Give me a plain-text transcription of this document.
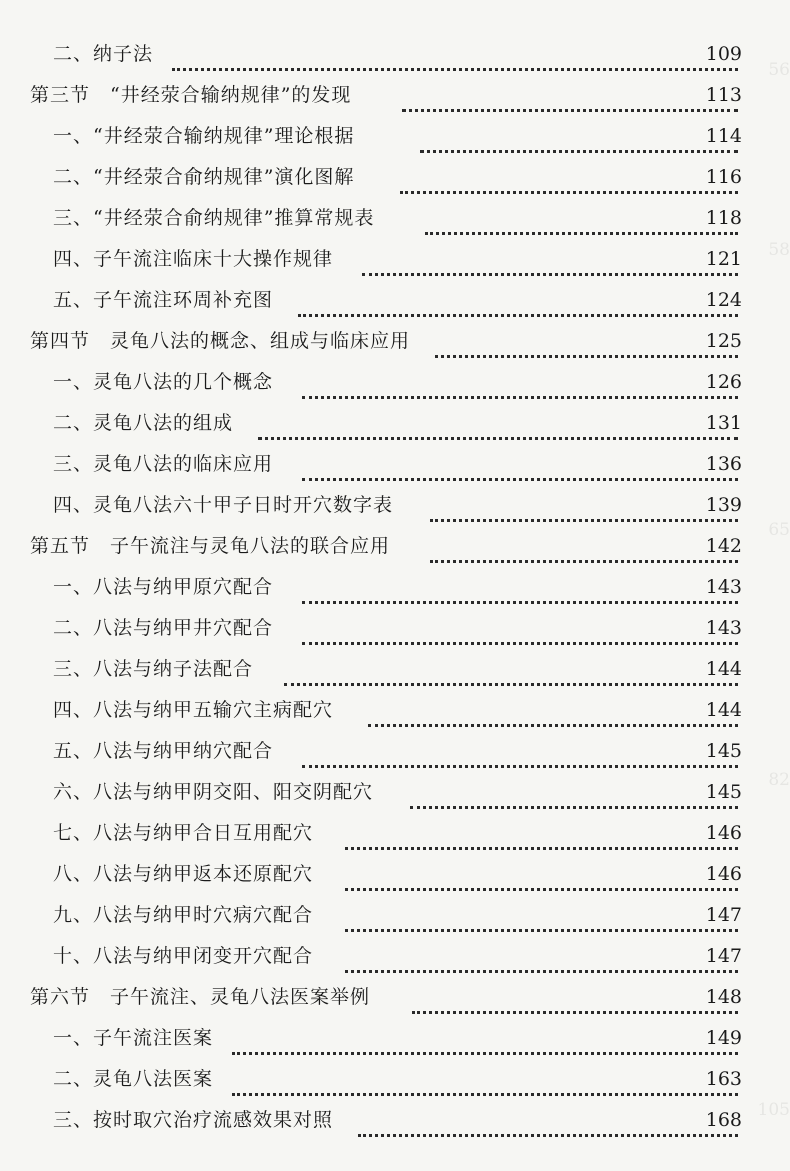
56
58
65
82
105
二、纳子法	109
第三节　“井经荥合输纳规律”的发现	113
一、“井经荥合输纳规律”理论根据	114
二、“井经荥合俞纳规律”演化图解	116
三、“井经荥合俞纳规律”推算常规表	118
四、子午流注临床十大操作规律	121
五、子午流注环周补充图	124
第四节　灵龟八法的概念、组成与临床应用	125
一、灵龟八法的几个概念	126
二、灵龟八法的组成	131
三、灵龟八法的临床应用	136
四、灵龟八法六十甲子日时开穴数字表	139
第五节　子午流注与灵龟八法的联合应用	142
一、八法与纳甲原穴配合	143
二、八法与纳甲井穴配合	143
三、八法与纳子法配合	144
四、八法与纳甲五输穴主病配穴	144
五、八法与纳甲纳穴配合	145
六、八法与纳甲阴交阳、阳交阴配穴	145
七、八法与纳甲合日互用配穴	146
八、八法与纳甲返本还原配穴	146
九、八法与纳甲时穴病穴配合	147
十、八法与纳甲闭变开穴配合	147
第六节　子午流注、灵龟八法医案举例	148
一、子午流注医案	149
二、灵龟八法医案	163
三、按时取穴治疗流感效果对照	168
